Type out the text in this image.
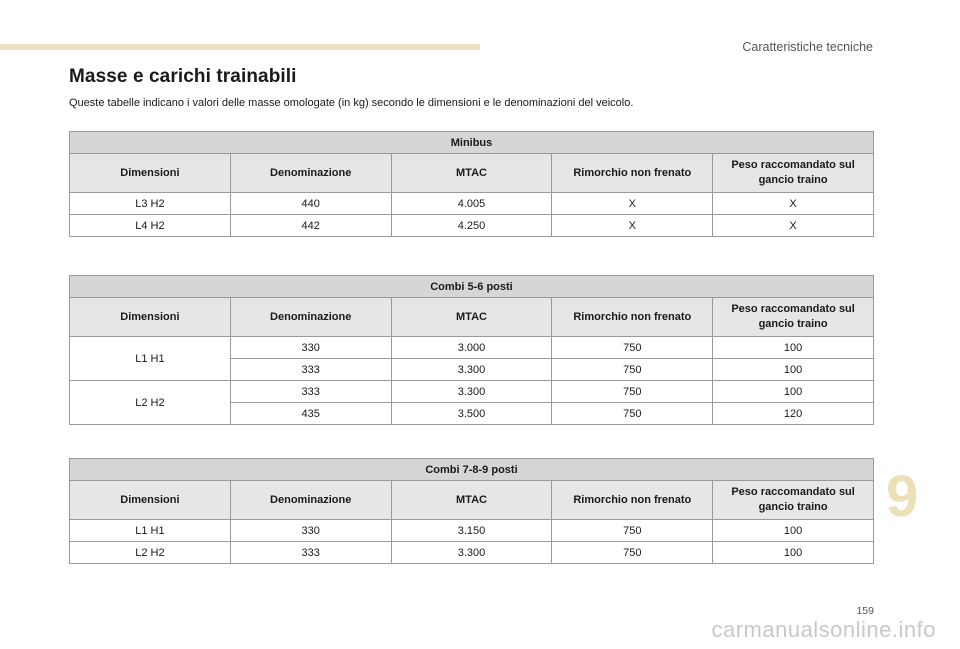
Caratteristiche tecniche
Masse e carichi trainabili
Queste tabelle indicano i valori delle masse omologate (in kg) secondo le dimensioni e le denominazioni del veicolo.
Minibus				
Dimensioni	Denominazione	MTAC	Rimorchio non frenato	Peso raccomandato sul gancio traino
L3 H2	440	4.005	X	X
L4 H2	442	4.250	X	X
Combi 5-6 posti				
Dimensioni	Denominazione	MTAC	Rimorchio non frenato	Peso raccomandato sul gancio traino
L1 H1	330	3.000	750	100
	333	3.300	750	100
L2 H2	333	3.300	750	100
	435	3.500	750	120
Combi 7-8-9 posti				
Dimensioni	Denominazione	MTAC	Rimorchio non frenato	Peso raccomandato sul gancio traino
L1 H1	330	3.150	750	100
L2 H2	333	3.300	750	100
9
159
carmanualsonline.info
